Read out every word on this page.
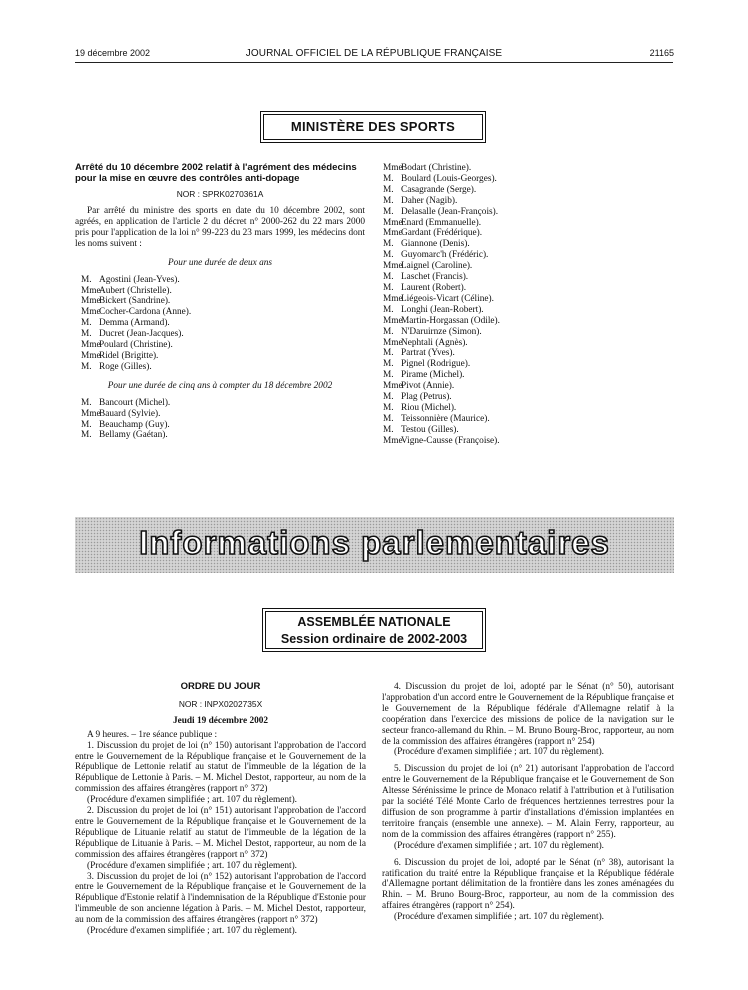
19 décembre 2002	JOURNAL OFFICIEL DE LA RÉPUBLIQUE FRANÇAISE	21165
MINISTÈRE DES SPORTS

Arrêté du 10 décembre 2002 relatif à l'agrément des médecins pour la mise en œuvre des contrôles anti-dopage

NOR : SPRK0270361A

Par arrêté du ministre des sports en date du 10 décembre 2002, sont agréés, en application de l'article 2 du décret n° 2000-262 du 22 mars 2000 pris pour l'application de la loi n° 99-223 du 23 mars 1999, les médecins dont les noms suivent :

Pour une durée de deux ans

M. Agostini (Jean-Yves).
MmeAubert (Christelle).
MmeBickert (Sandrine).
MmeCocher-Cardona (Anne).
M. Demma (Armand).
M. Ducret (Jean-Jacques).
MmePoulard (Christine).
MmeRidel (Brigitte).
M. Roge (Gilles).

Pour une durée de cinq ans à compter du 18 décembre 2002

M. Bancourt (Michel).
MmeBauard (Sylvie).
M. Beauchamp (Guy).
M. Bellamy (Gaétan).
MmeBodart (Christine).
M. Boulard (Louis-Georges).
M. Casagrande (Serge).
M. Daher (Nagib).
M. Delasalle (Jean-François).
MmeEnard (Emmanuelle).
MmeGardant (Frédérique).
M. Giannone (Denis).
M. Guyomarc'h (Frédéric).
MmeLaignel (Caroline).
M. Laschet (Francis).
M. Laurent (Robert).
MmeLiégeois-Vicart (Céline).
M. Longhi (Jean-Robert).
MmeMartin-Horgassan (Odile).
M. N'Daruirnze (Simon).
MmeNephtali (Agnès).
M. Partrat (Yves).
M. Pignel (Rodrigue).
M. Pirame (Michel).
MmePivot (Annie).
M. Plag (Petrus).
M. Riou (Michel).
M. Teissonnière (Maurice).
M. Testou (Gilles).
MmeVigne-Causse (Françoise).
Informations parlementaires
ASSEMBLÉE NATIONALE
Session ordinaire de 2002-2003

ORDRE DU JOUR

NOR : INPX0202735X

Jeudi 19 décembre 2002

A 9 heures. – 1re séance publique :

1. Discussion du projet de loi (n° 150) autorisant l'approbation de l'accord entre le Gouvernement de la République française et le Gouvernement de la République de Lettonie relatif au statut de l'immeuble de la légation de la République de Lettonie à Paris. – M. Michel Destot, rapporteur, au nom de la commission des affaires étrangères (rapport n° 372)

(Procédure d'examen simplifiée ; art. 107 du règlement).

2. Discussion du projet de loi (n° 151) autorisant l'approbation de l'accord entre le Gouvernement de la République française et le Gouvernement de la République de Lituanie relatif au statut de l'immeuble de la légation de la République de Lituanie à Paris. – M. Michel Destot, rapporteur, au nom de la commission des affaires étrangères (rapport n° 372)

(Procédure d'examen simplifiée ; art. 107 du règlement).

3. Discussion du projet de loi (n° 152) autorisant l'approbation de l'accord entre le Gouvernement de la République française et le Gouvernement de la République d'Estonie relatif à l'indemnisation de la République d'Estonie pour l'immeuble de son ancienne légation à Paris. – M. Michel Destot, rapporteur, au nom de la commission des affaires étrangères (rapport n° 372)

(Procédure d'examen simplifiée ; art. 107 du règlement).

4. Discussion du projet de loi, adopté par le Sénat (n° 50), autorisant l'approbation d'un accord entre le Gouvernement de la République française et le Gouvernement de la République fédérale d'Allemagne relatif à la coopération dans l'exercice des missions de police de la navigation sur le secteur franco-allemand du Rhin. – M. Bruno Bourg-Broc, rapporteur, au nom de la commission des affaires étrangères (rapport n° 254)

(Procédure d'examen simplifiée ; art. 107 du règlement).

5. Discussion du projet de loi (n° 21) autorisant l'approbation de l'accord entre le Gouvernement de la République française et le Gouvernement de Son Altesse Sérénissime le prince de Monaco relatif à l'attribution et à l'utilisation par la société Télé Monte Carlo de fréquences hertziennes terrestres pour la diffusion de son programme à partir d'installations d'émission implantées en territoire français (ensemble une annexe). – M. Alain Ferry, rapporteur, au nom de la commission des affaires étrangères (rapport n° 255).

(Procédure d'examen simplifiée ; art. 107 du règlement).

6. Discussion du projet de loi, adopté par le Sénat (n° 38), autorisant la ratification du traité entre la République française et la République fédérale d'Allemagne portant délimitation de la frontière dans les zones aménagées du Rhin. – M. Bruno Bourg-Broc, rapporteur, au nom de la commission des affaires étrangères (rapport n° 254).

(Procédure d'examen simplifiée ; art. 107 du règlement).
